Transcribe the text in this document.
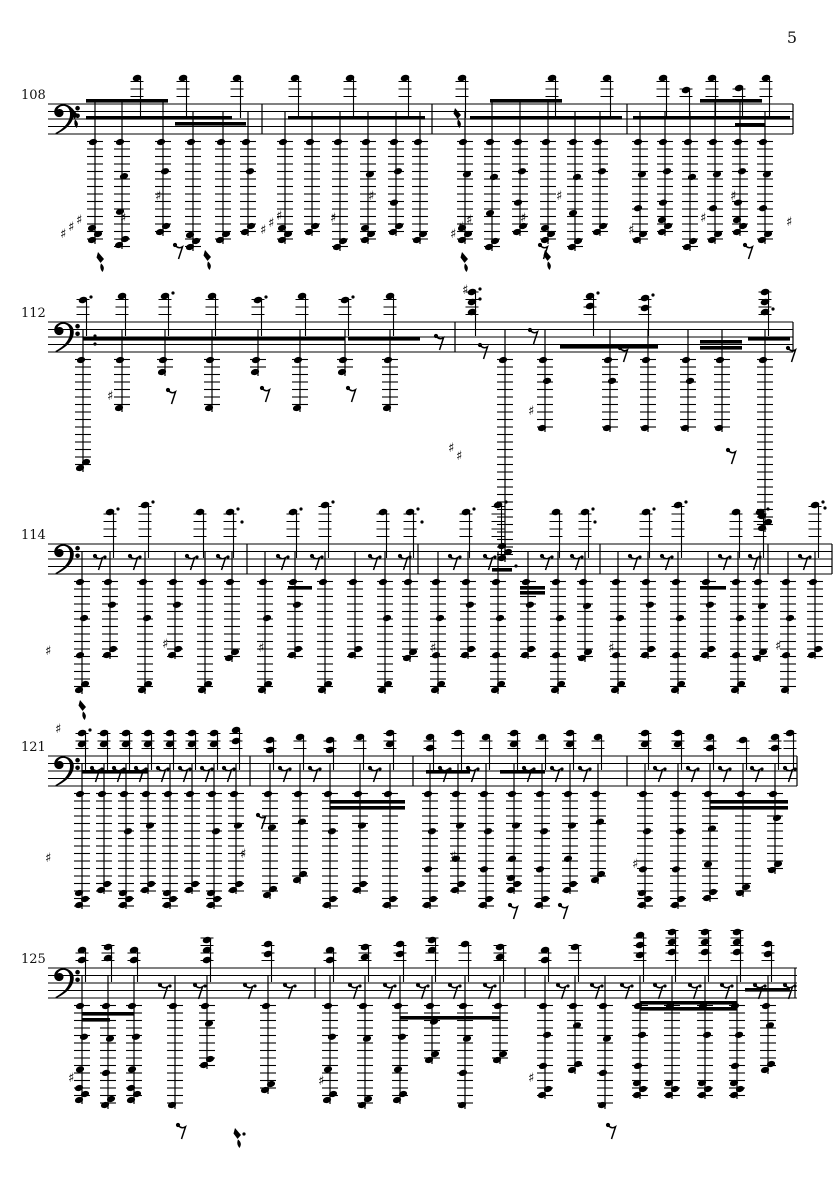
5
108
112
114
121
125
♯ ♯ ♯	♯
♯
♯ ♯ ♯	♯
♯
♯ ♯ ♯	♯
♯
♯
♯
♯
♯
♯
♯
♯
♯
♯
♯	♯	♯	♯	♯	♯
♯
♯	♯	♯
♯
♯	♯	♯
